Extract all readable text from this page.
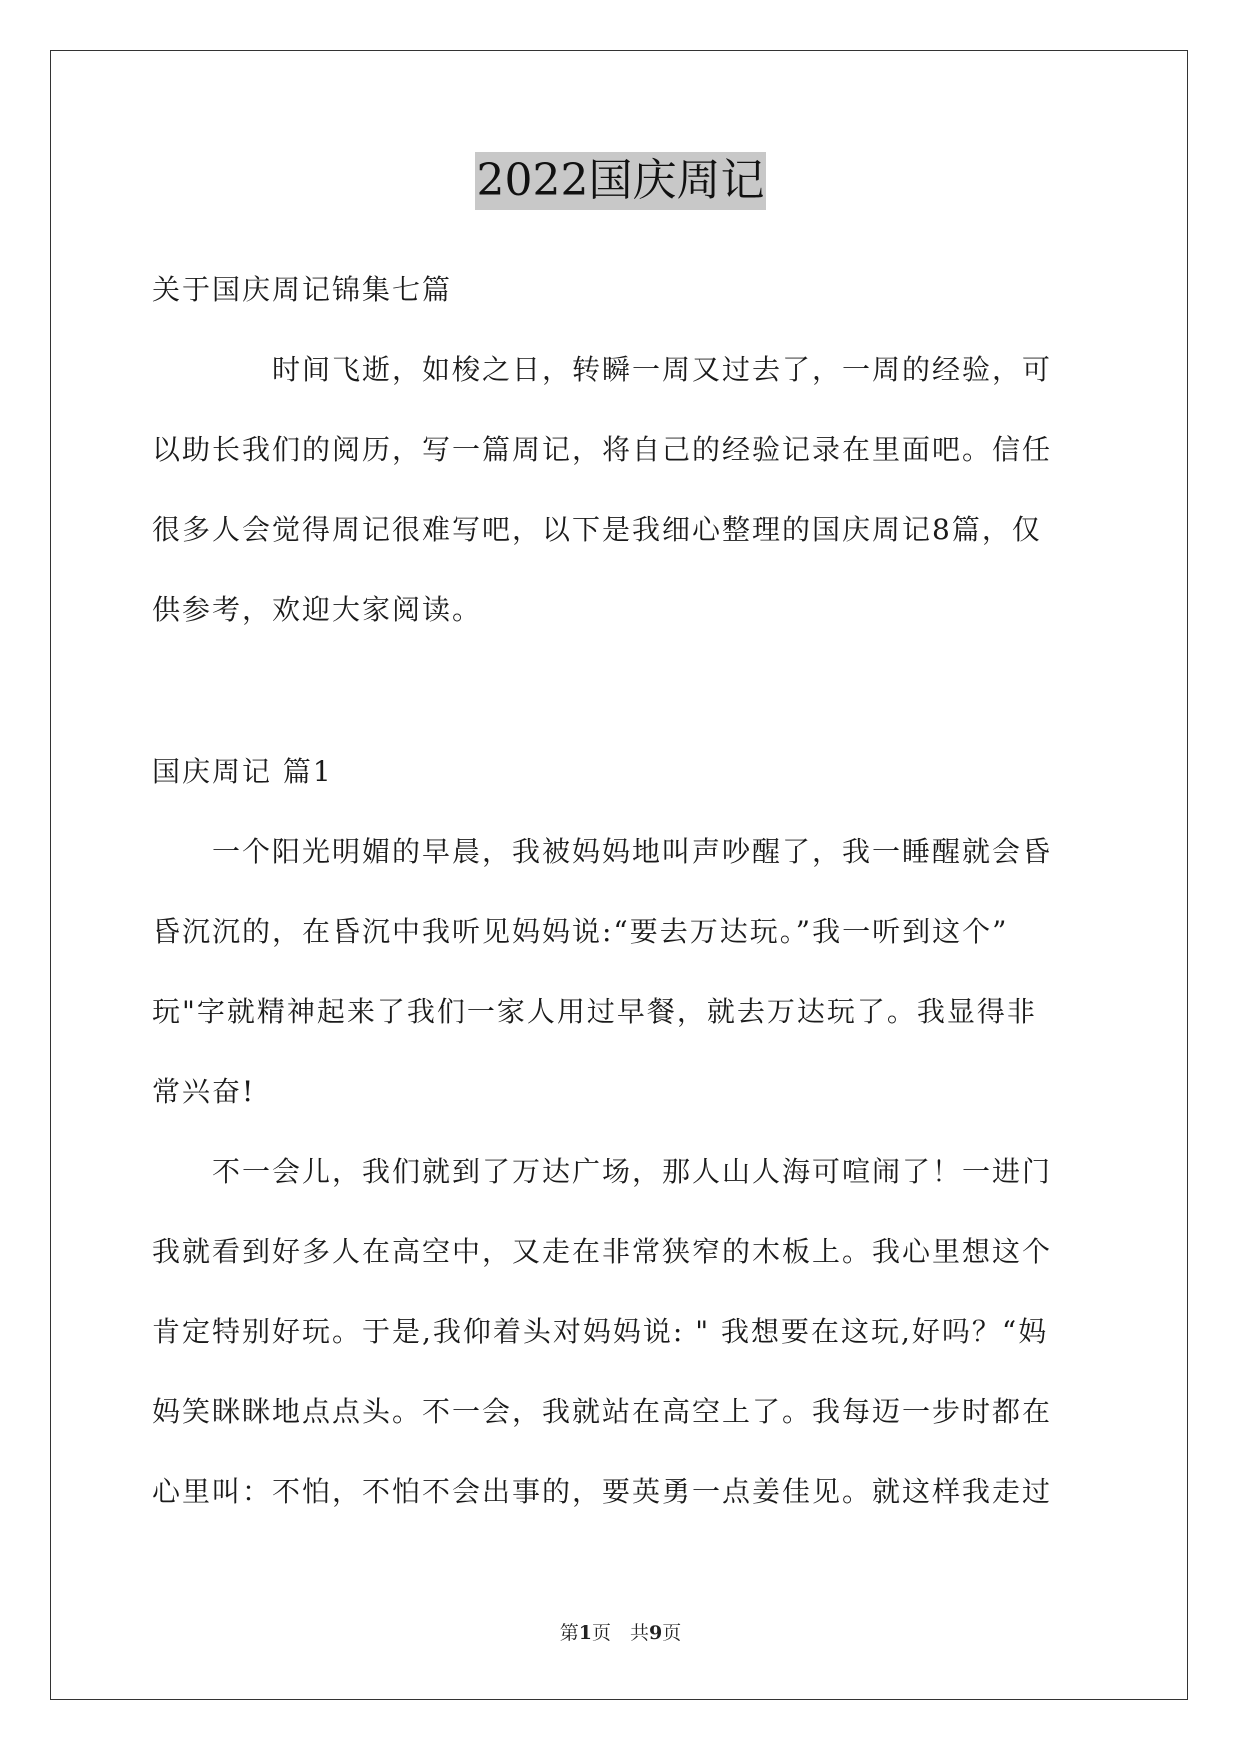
2022国庆周记
关于国庆周记锦集七篇
　　　　时间飞逝，如梭之日，转瞬一周又过去了，一周的经验，可
以助长我们的阅历，写一篇周记，将自己的经验记录在里面吧。信任
很多人会觉得周记很难写吧，以下是我细心整理的国庆周记8篇，仅
供参考，欢迎大家阅读。
国庆周记 篇1
　　一个阳光明媚的早晨，我被妈妈地叫声吵醒了，我一睡醒就会昏
昏沉沉的，在昏沉中我听见妈妈说:“要去万达玩。”我一听到这个”
玩"字就精神起来了我们一家人用过早餐，就去万达玩了。我显得非
常兴奋!
　　不一会儿，我们就到了万达广场，那人山人海可喧闹了！一进门
我就看到好多人在高空中，又走在非常狭窄的木板上。我心里想这个
肯定特别好玩。于是,我仰着头对妈妈说: " 我想要在这玩,好吗？“妈
妈笑眯眯地点点头。不一会，我就站在高空上了。我每迈一步时都在
心里叫：不怕，不怕不会出事的，要英勇一点姜佳见。就这样我走过
第1页　共9页
